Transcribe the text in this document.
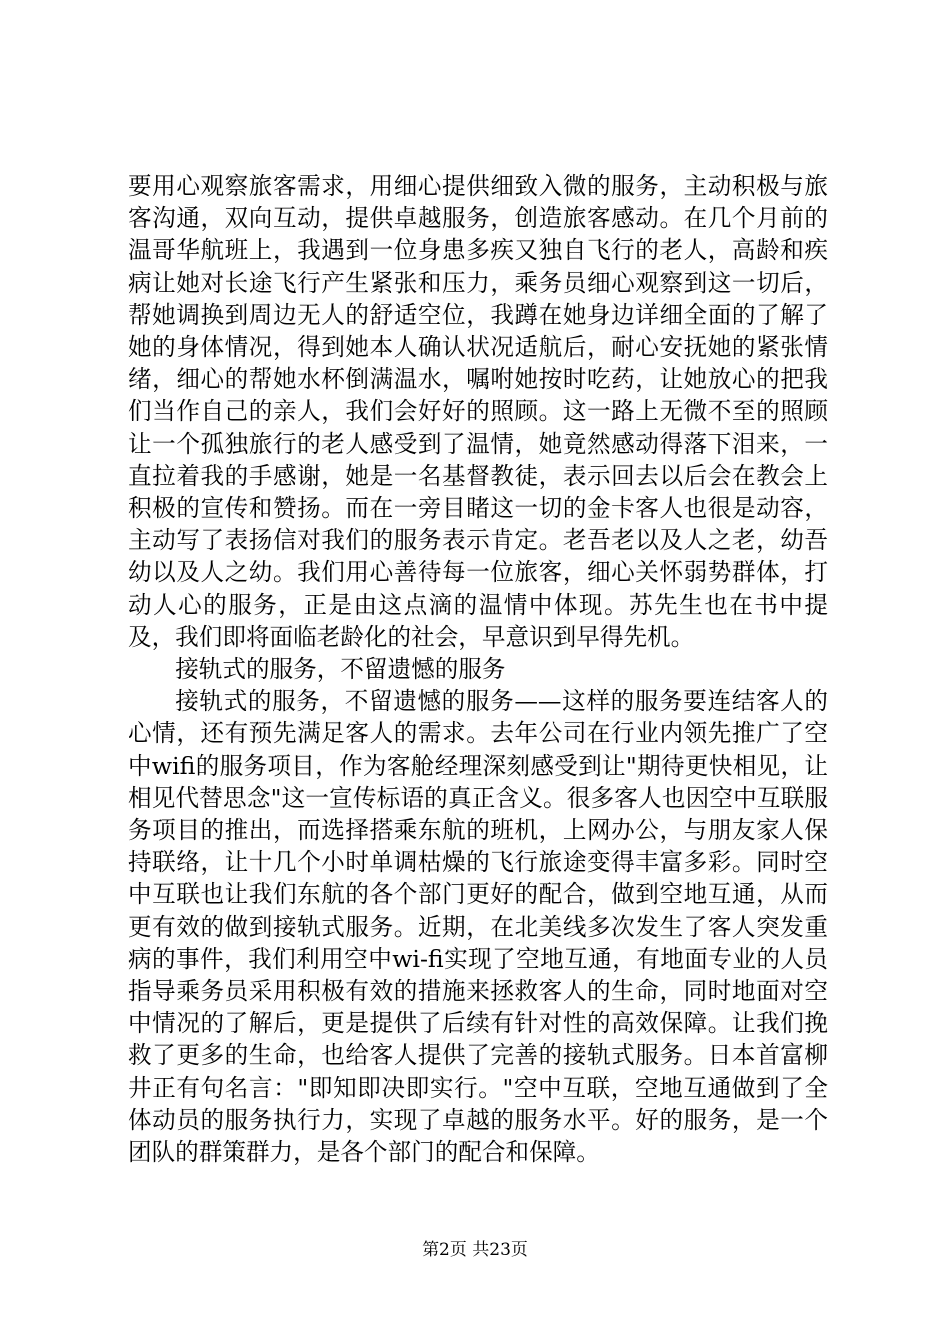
要用心观察旅客需求，用细心提供细致入微的服务，主动积极与旅客沟通，双向互动，提供卓越服务，创造旅客感动。在几个月前的温哥华航班上，我遇到一位身患多疾又独自飞行的老人，高龄和疾病让她对长途飞行产生紧张和压力，乘务员细心观察到这一切后，帮她调换到周边无人的舒适空位，我蹲在她身边详细全面的了解了她的身体情况，得到她本人确认状况适航后，耐心安抚她的紧张情绪，细心的帮她水杯倒满温水，嘱咐她按时吃药，让她放心的把我们当作自己的亲人，我们会好好的照顾。这一路上无微不至的照顾让一个孤独旅行的老人感受到了温情，她竟然感动得落下泪来，一直拉着我的手感谢，她是一名基督教徒，表示回去以后会在教会上积极的宣传和赞扬。而在一旁目睹这一切的金卡客人也很是动容，主动写了表扬信对我们的服务表示肯定。老吾老以及人之老，幼吾幼以及人之幼。我们用心善待每一位旅客，细心关怀弱势群体，打动人心的服务，正是由这点滴的温情中体现。苏先生也在书中提及，我们即将面临老龄化的社会，早意识到早得先机。

接轨式的服务，不留遗憾的服务

接轨式的服务，不留遗憾的服务——这样的服务要连结客人的心情，还有预先满足客人的需求。去年公司在行业内领先推广了空中wifi的服务项目，作为客舱经理深刻感受到让"期待更快相见，让相见代替思念"这一宣传标语的真正含义。很多客人也因空中互联服务项目的推出，而选择搭乘东航的班机，上网办公，与朋友家人保持联络，让十几个小时单调枯燥的飞行旅途变得丰富多彩。同时空中互联也让我们东航的各个部门更好的配合，做到空地互通，从而更有效的做到接轨式服务。近期，在北美线多次发生了客人突发重病的事件，我们利用空中wi-fi实现了空地互通，有地面专业的人员指导乘务员采用积极有效的措施来拯救客人的生命，同时地面对空中情况的了解后，更是提供了后续有针对性的高效保障。让我们挽救了更多的生命，也给客人提供了完善的接轨式服务。日本首富柳井正有句名言："即知即决即实行。"空中互联，空地互通做到了全体动员的服务执行力，实现了卓越的服务水平。好的服务，是一个团队的群策群力，是各个部门的配合和保障。

第2页 共23页
